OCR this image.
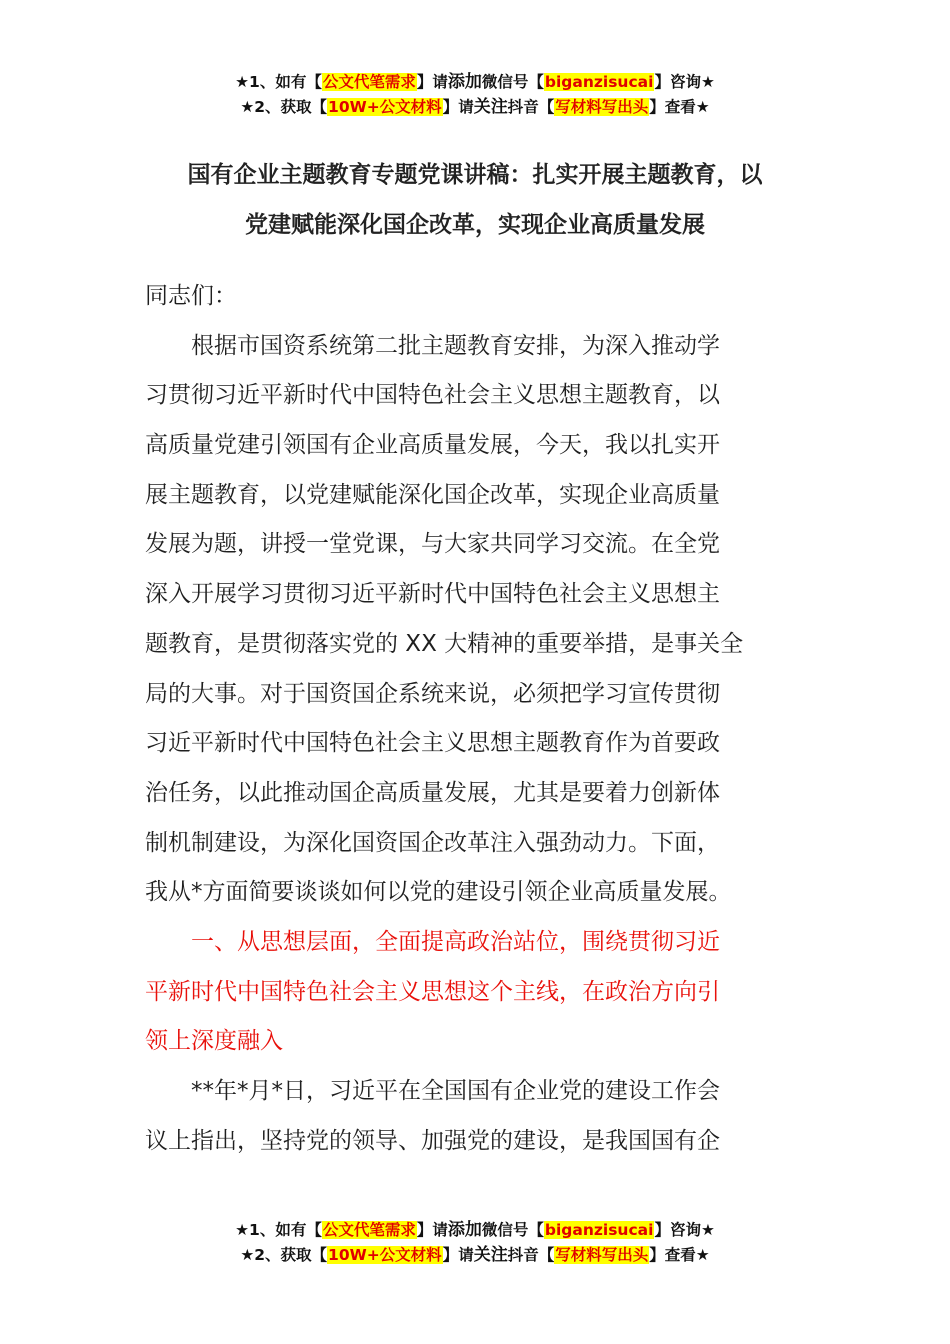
★1、如有【公文代笔需求】请添加微信号【biganzisucai】咨询★
★2、获取【10W+公文材料】请关注抖音【写材料写出头】查看★
国有企业主题教育专题党课讲稿：扎实开展主题教育，以
党建赋能深化国企改革，实现企业高质量发展
同志们：
　　根据市国资系统第二批主题教育安排，为深入推动学
习贯彻习近平新时代中国特色社会主义思想主题教育，以
高质量党建引领国有企业高质量发展，今天，我以扎实开
展主题教育，以党建赋能深化国企改革，实现企业高质量
发展为题，讲授一堂党课，与大家共同学习交流。在全党
深入开展学习贯彻习近平新时代中国特色社会主义思想主
题教育，是贯彻落实党的 XX 大精神的重要举措，是事关全
局的大事。对于国资国企系统来说，必须把学习宣传贯彻
习近平新时代中国特色社会主义思想主题教育作为首要政
治任务，以此推动国企高质量发展，尤其是要着力创新体
制机制建设，为深化国资国企改革注入强劲动力。下面，
我从*方面简要谈谈如何以党的建设引领企业高质量发展。
　　一、从思想层面，全面提高政治站位，围绕贯彻习近
平新时代中国特色社会主义思想这个主线，在政治方向引
领上深度融入
　　**年*月*日，习近平在全国国有企业党的建设工作会
议上指出，坚持党的领导、加强党的建设，是我国国有企
★1、如有【公文代笔需求】请添加微信号【biganzisucai】咨询★
★2、获取【10W+公文材料】请关注抖音【写材料写出头】查看★
